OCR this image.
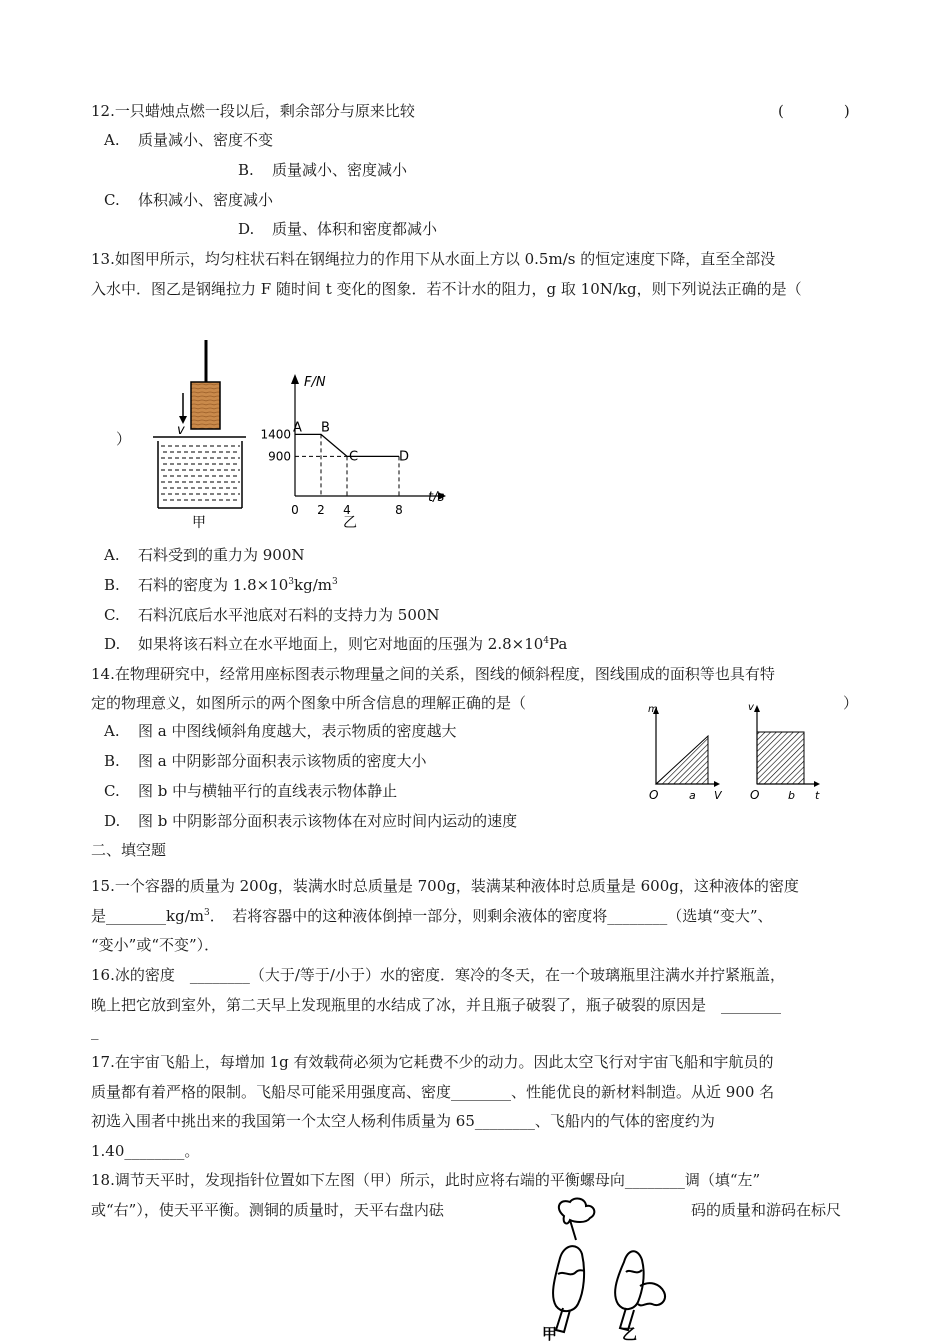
12.一只蜡烛点燃一段以后，剩余部分与原来比较	(　　　　)
A. 质量减小、密度不变
B. 质量减小、密度减小
C. 体积减小、密度减小
D. 质量、体积和密度都减小
13.如图甲所示，均匀柱状石料在钢绳拉力的作用下从水面上方以 0.5m/s 的恒定速度下降，直至全部没
入水中．图乙是钢绳拉力 F 随时间 t 变化的图象．若不计水的阻力，g 取 10N/kg，则下列说法正确的是（
）	v
甲
F/N
t/s
A B
C	D
0 2 4	8
1400
900
乙
A. 石料受到的重力为 900N
B. 石料的密度为 $1.8\times 10^3kg/m^3$
C. 石料沉底后水平池底对石料的支持力为 500N
D. 如果将该石料立在水平地面上，则它对地面的压强为 $2.8\times 10^4Pa$
14.在物理研究中，经常用座标图表示物理量之间的关系，图线的倾斜程度，图线围成的面积等也具有特
定的物理意义，如图所示的两个图象中所含信息的理解正确的是（	）
m
O	a V
v
O	b t
A. 图 a 中图线倾斜角度越大，表示物质的密度越大
B. 图 a 中阴影部分面积表示该物质的密度大小
C. 图 b 中与横轴平行的直线表示物体静止
D. 图 b 中阴影部分面积表示该物体在对应时间内运动的速度
二、填空题
15.一个容器的质量为 200g，装满水时总质量是 700g，装满某种液体时总质量是 600g，这种液体的密度
是$\_\_\_\_\_\_\_\_kg/m^3$．　若将容器中的这种液体倒掉一部分，则剩余液体的密度将________（选填“变大”、
“变小”或“不变”）．
16.冰的密度　________（大于/等于/小于）水的密度．寒冷的冬天，在一个玻璃瓶里注满水并拧紧瓶盖，
晚上把它放到室外，第二天早上发现瓶里的水结成了冰，并且瓶子破裂了，瓶子破裂的原因是　________
_
17.在宇宙飞船上，每增加 1g 有效载荷必须为它耗费不少的动力。因此太空飞行对宇宙飞船和宇航员的
质量都有着严格的限制。飞船尽可能采用强度高、密度________、性能优良的新材料制造。从近 900 名
初选入围者中挑出来的我国第一个太空人杨利伟质量为 65________、飞船内的气体的密度约为
1.40________。
18.调节天平时，发现指针位置如下左图（甲）所示，此时应将右端的平衡螺母向________调（填“左”
或“右”），使天平平衡。测铜的质量时，天平右盘内砝	码的质量和游码在标尺
甲	乙
